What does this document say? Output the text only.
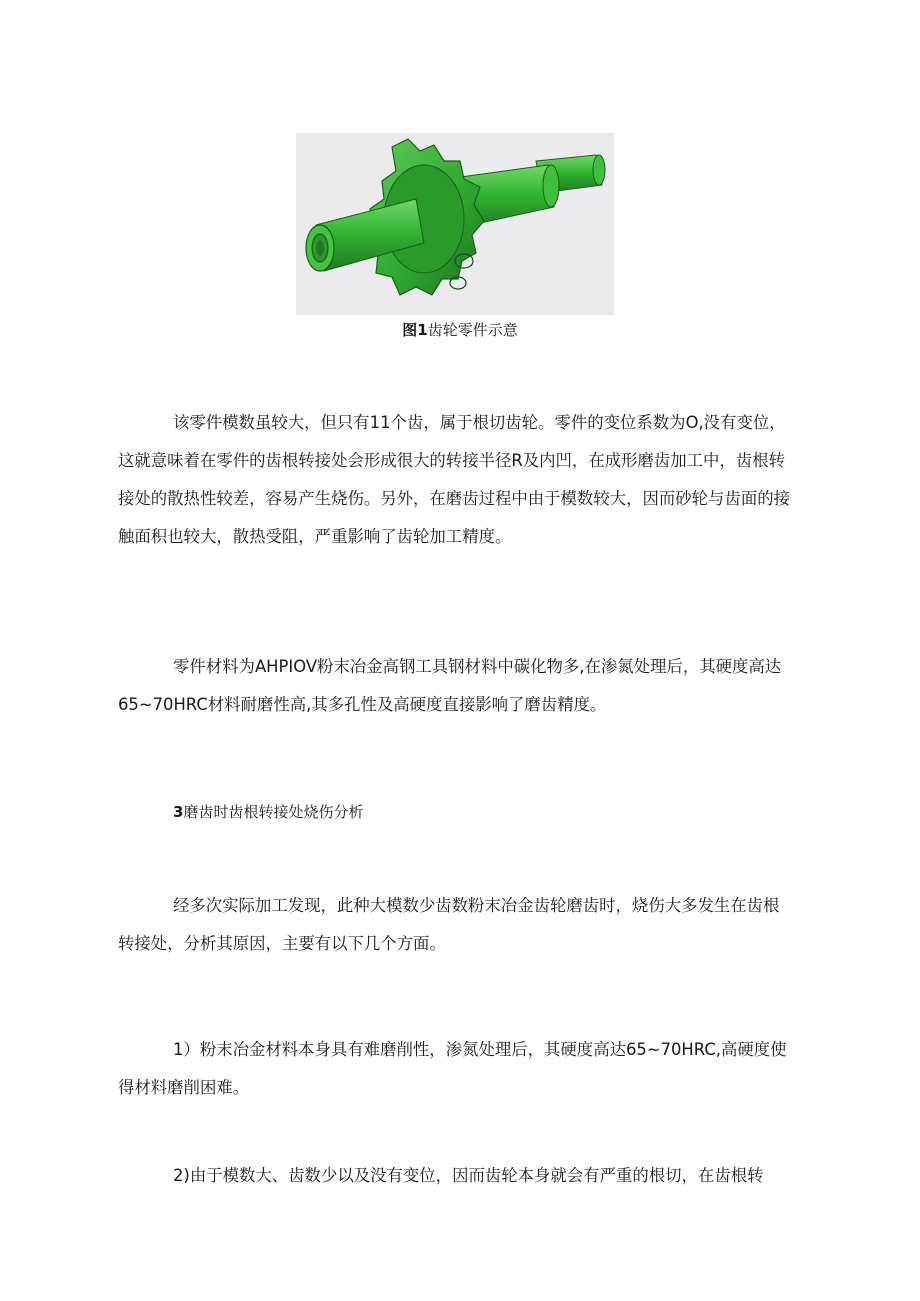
图1齿轮零件示意

该零件模数虽较大，但只有11个齿，属于根切齿轮。零件的变位系数为O,没有变位，这就意味着在零件的齿根转接处会形成很大的转接半径R及内凹，在成形磨齿加工中，齿根转接处的散热性较差，容易产生烧伤。另外，在磨齿过程中由于模数较大，因而砂轮与齿面的接触面积也较大，散热受阻，严重影响了齿轮加工精度。

零件材料为AHPIOV粉末冶金高钢工具钢材料中碳化物多,在渗氮处理后，其硬度高达65~70HRC材料耐磨性高,其多孔性及高硬度直接影响了磨齿精度。

3磨齿时齿根转接处烧伤分析

经多次实际加工发现，此种大模数少齿数粉末冶金齿轮磨齿时，烧伤大多发生在齿根转接处，分析其原因，主要有以下几个方面。

1）粉末冶金材料本身具有难磨削性，渗氮处理后，其硬度高达65~70HRC,高硬度使得材料磨削困难。

2)由于模数大、齿数少以及没有变位，因而齿轮本身就会有严重的根切，在齿根转
